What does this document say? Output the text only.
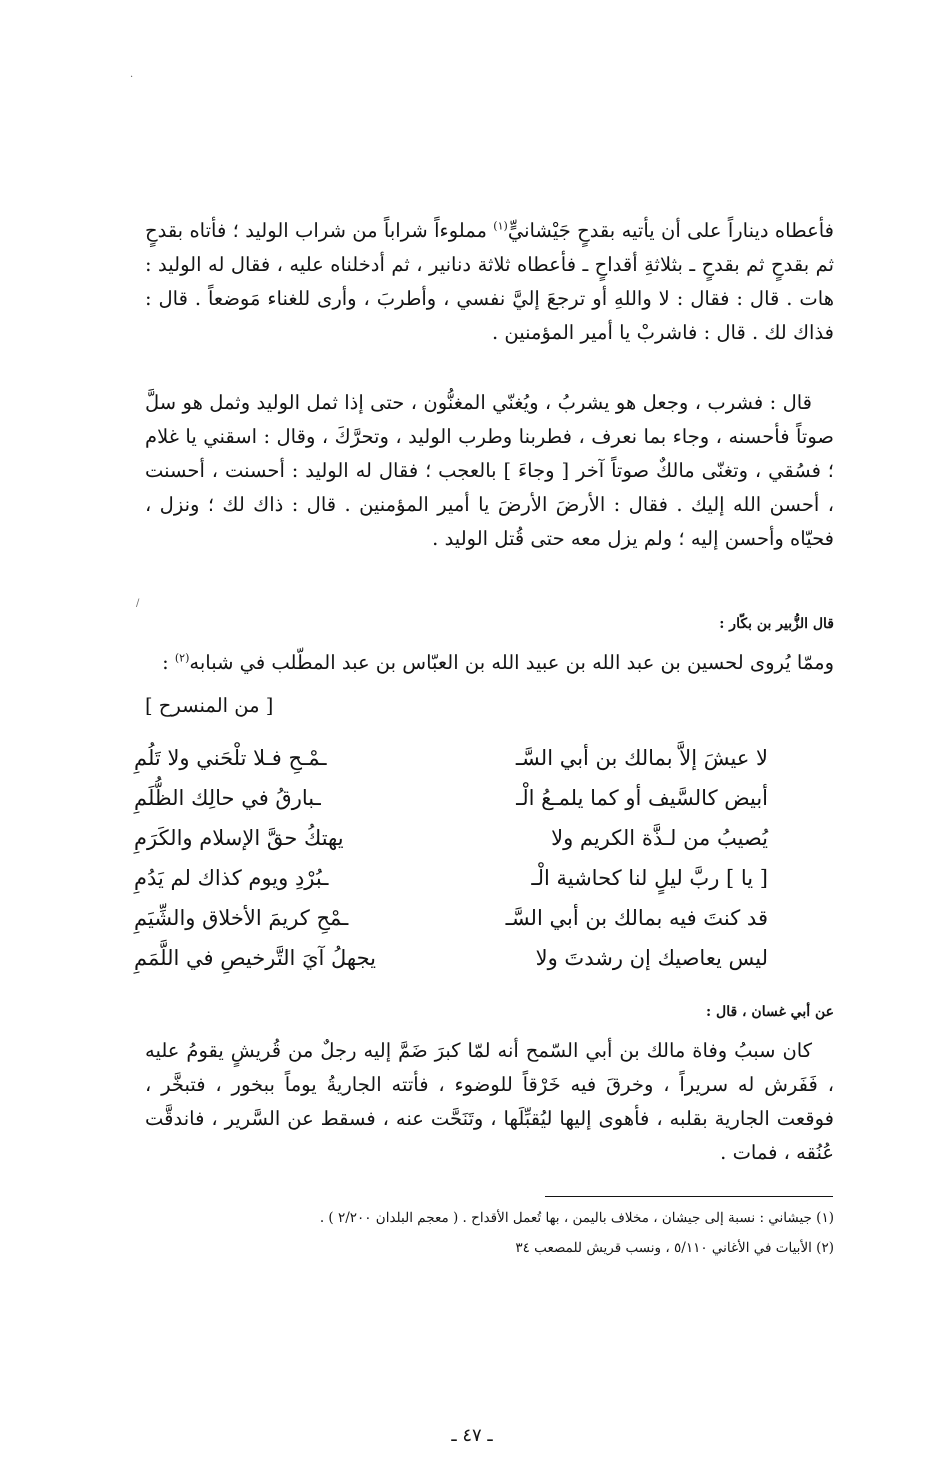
·
/

فأعطاه ديناراً على أن يأتيه بقدحٍ جَيْشانيٍّ$^{(١)}$ مملوءاً شراباً من شراب الوليد ؛ فأتاه بقدحٍ ثم بقدحٍ ثم بقدحٍ ـ بثلاثةِ أقداحٍ ـ فأعطاه ثلاثة دنانير ، ثم أدخلناه عليه ، فقال له الوليد : هات . قال : فقال : لا واللهِ أو ترجعَ إليَّ نفسي ، وأطربَ ، وأرى للغناء مَوضعاً . قال : فذاك لك . قال : فاشربْ يا أمير المؤمنين .

قال : فشرب ، وجعل هو يشربُ ، ويُغنّي المغنُّون ، حتى إذا ثمل الوليد وثمل هو سلَّ صوتاً فأحسنه ، وجاء بما نعرف ، فطربنا وطرب الوليد ، وتحرَّكَ ، وقال : اسقني يا غلام ؛ فسُقي ، وتغنّى مالكٌ صوتاً آخر [ وجاءَ ] بالعجب ؛ فقال له الوليد : أحسنت ، أحسنت ، أحسن الله إليك . فقال : الأرضَ الأرضَ يا أمير المؤمنين . قال : ذاك لك ؛ ونزل ، فحيّاه وأحسن إليه ؛ ولم يزل معه حتى قُتل الوليد .

قال الزُّبير بن بكّار :

وممّا يُروى لحسين بن عبد الله بن عبيد الله بن العبّاس بن عبد المطّلب في شبابه$^{(٢)}$ :

[ من المنسرح ]
لا عيشَ إلاَّ بمالك بن أبي السَّـ
ـمْـحِ فـلا تلْحَني ولا تَلُمِ
أبيض كالسَّيف أو كما يلمـعُ الْـ
ـبارقُ في حالِك الظُّلَمِ
يُصيبُ من لـذَّة الكريم ولا
يهتكُ حقَّ الإسلام والكَرَمِ
[ يا ] ربَّ ليلٍ لنا كحاشية الْـ
ـبُرْدِ ويوم كذاك لم يَدُمِ
قد كنتَ فيه بمالك بن أبي السَّـ
ـمْحِ كريمَ الأخلاق والشِّيَمِ
ليس يعاصيك إن رشدتَ ولا
يجهلُ آيَ التَّرخيصِ في اللَّمَمِ
عن أبي غسان ، قال :

كان سببُ وفاة مالك بن أبي السّمح أنه لمّا كبرَ ضَمَّ إليه رجلٌ من قُريشٍ يقومُ عليه ، فَفَرش له سريراً ، وخرقَ فيه خَرْقاً للوضوء ، فأتته الجاريةُ يوماً ببخور ، فتبخَّر ، فوقعت الجارية بقلبه ، فأهوى إليها ليُقبِّلَها ، وتَنَحَّت عنه ، فسقط عن السَّرير ، فاندقَّت عُنُقه ، فمات .

(١) جيشاني : نسبة إلى جيشان ، مخلاف باليمن ، بها تُعمل الأقداح . ( معجم البلدان ٢/٢٠٠ ) .
(٢) الأبيات في الأغاني ٥/١١٠ ، ونسب قريش للمصعب ٣٤
ـ ٤٧ ـ
